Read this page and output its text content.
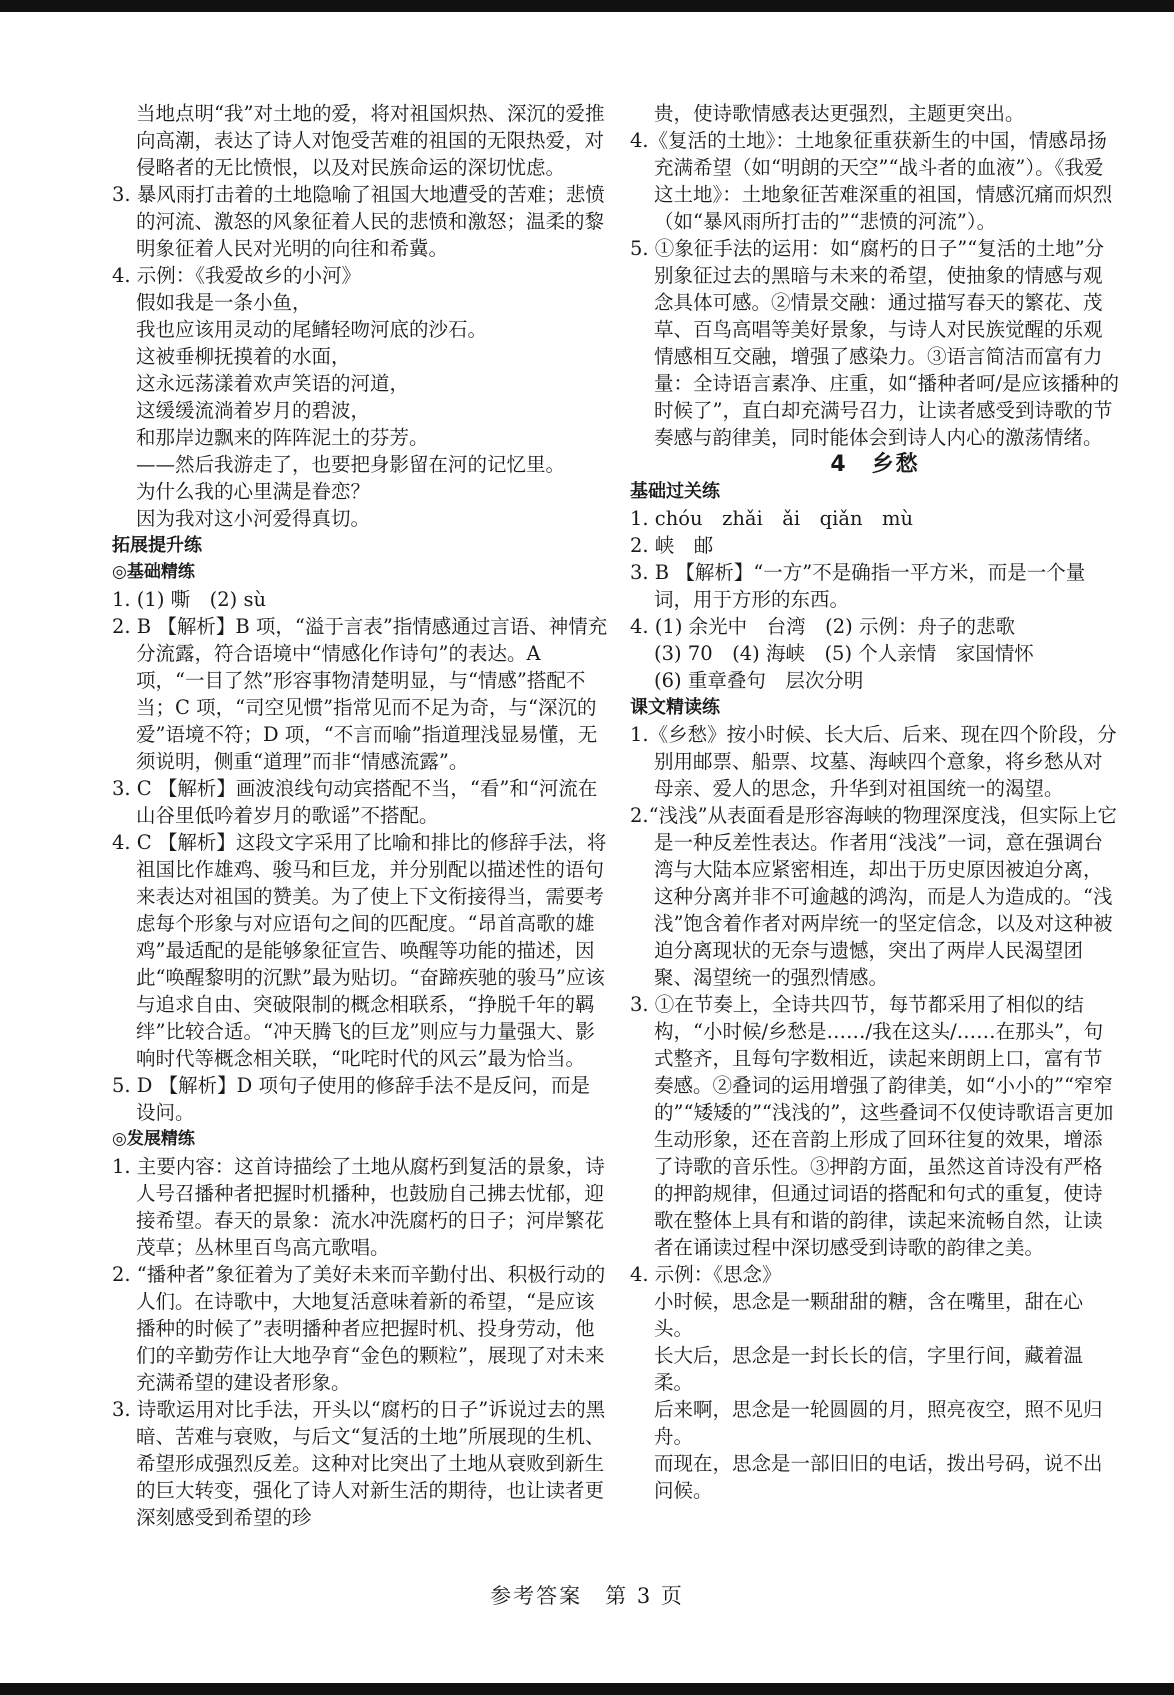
当地点明“我”对土地的爱，将对祖国炽热、深沉的爱推向高潮，表达了诗人对饱受苦难的祖国的无限热爱，对侵略者的无比愤恨，以及对民族命运的深切忧虑。

3. 暴风雨打击着的土地隐喻了祖国大地遭受的苦难；悲愤的河流、激怒的风象征着人民的悲愤和激怒；温柔的黎明象征着人民对光明的向往和希冀。

4. 示例：《我爱故乡的小河》

假如我是一条小鱼，

我也应该用灵动的尾鳍轻吻河底的沙石。

这被垂柳抚摸着的水面，

这永远荡漾着欢声笑语的河道，

这缓缓流淌着岁月的碧波，

和那岸边飘来的阵阵泥土的芬芳。

——然后我游走了，也要把身影留在河的记忆里。

为什么我的心里满是眷恋？

因为我对这小河爱得真切。

拓展提升练

◎基础精练

1. (1) 嘶　(2) sù

2. B 【解析】B 项，“溢于言表”指情感通过言语、神情充分流露，符合语境中“情感化作诗句”的表达。A 项，“一目了然”形容事物清楚明显，与“情感”搭配不当；C 项，“司空见惯”指常见而不足为奇，与“深沉的爱”语境不符；D 项，“不言而喻”指道理浅显易懂，无须说明，侧重“道理”而非“情感流露”。

3. C 【解析】画波浪线句动宾搭配不当，“看”和“河流在山谷里低吟着岁月的歌谣”不搭配。

4. C 【解析】这段文字采用了比喻和排比的修辞手法，将祖国比作雄鸡、骏马和巨龙，并分别配以描述性的语句来表达对祖国的赞美。为了使上下文衔接得当，需要考虑每个形象与对应语句之间的匹配度。“昂首高歌的雄鸡”最适配的是能够象征宣告、唤醒等功能的描述，因此“唤醒黎明的沉默”最为贴切。“奋蹄疾驰的骏马”应该与追求自由、突破限制的概念相联系，“挣脱千年的羁绊”比较合适。“冲天腾飞的巨龙”则应与力量强大、影响时代等概念相关联，“叱咤时代的风云”最为恰当。

5. D 【解析】D 项句子使用的修辞手法不是反问，而是设问。

◎发展精练

1. 主要内容：这首诗描绘了土地从腐朽到复活的景象，诗人号召播种者把握时机播种，也鼓励自己拂去忧郁，迎接希望。春天的景象：流水冲洗腐朽的日子；河岸繁花茂草；丛林里百鸟高亢歌唱。

2. “播种者”象征着为了美好未来而辛勤付出、积极行动的人们。在诗歌中，大地复活意味着新的希望，“是应该播种的时候了”表明播种者应把握时机、投身劳动，他们的辛勤劳作让大地孕育“金色的颗粒”，展现了对未来充满希望的建设者形象。

3. 诗歌运用对比手法，开头以“腐朽的日子”诉说过去的黑暗、苦难与衰败，与后文“复活的土地”所展现的生机、希望形成强烈反差。这种对比突出了土地从衰败到新生的巨大转变，强化了诗人对新生活的期待，也让读者更深刻感受到希望的珍

贵，使诗歌情感表达更强烈，主题更突出。

4.《复活的土地》：土地象征重获新生的中国，情感昂扬充满希望（如“明朗的天空”“战斗者的血液”）。《我爱这土地》：土地象征苦难深重的祖国，情感沉痛而炽烈（如“暴风雨所打击的”“悲愤的河流”）。

5. ①象征手法的运用：如“腐朽的日子”“复活的土地”分别象征过去的黑暗与未来的希望，使抽象的情感与观念具体可感。②情景交融：通过描写春天的繁花、茂草、百鸟高唱等美好景象，与诗人对民族觉醒的乐观情感相互交融，增强了感染力。③语言简洁而富有力量：全诗语言素净、庄重，如“播种者呵/是应该播种的时候了”，直白却充满号召力，让读者感受到诗歌的节奏感与韵律美，同时能体会到诗人内心的激荡情绪。

4　乡愁

基础过关练

1. chóu　zhǎi　ǎi　qiǎn　mù

2. 峡　邮

3. B 【解析】“一方”不是确指一平方米，而是一个量词，用于方形的东西。

4. (1) 余光中　台湾　(2) 示例：舟子的悲歌

(3) 70　(4) 海峡　(5) 个人亲情　家国情怀

(6) 重章叠句　层次分明

课文精读练

1.《乡愁》按小时候、长大后、后来、现在四个阶段，分别用邮票、船票、坟墓、海峡四个意象，将乡愁从对母亲、爱人的思念，升华到对祖国统一的渴望。

2.“浅浅”从表面看是形容海峡的物理深度浅，但实际上它是一种反差性表达。作者用“浅浅”一词，意在强调台湾与大陆本应紧密相连，却出于历史原因被迫分离，这种分离并非不可逾越的鸿沟，而是人为造成的。“浅浅”饱含着作者对两岸统一的坚定信念，以及对这种被迫分离现状的无奈与遗憾，突出了两岸人民渴望团聚、渴望统一的强烈情感。

3. ①在节奏上，全诗共四节，每节都采用了相似的结构，“小时候/乡愁是……/我在这头/……在那头”，句式整齐，且每句字数相近，读起来朗朗上口，富有节奏感。②叠词的运用增强了韵律美，如“小小的”“窄窄的”“矮矮的”“浅浅的”，这些叠词不仅使诗歌语言更加生动形象，还在音韵上形成了回环往复的效果，增添了诗歌的音乐性。③押韵方面，虽然这首诗没有严格的押韵规律，但通过词语的搭配和句式的重复，使诗歌在整体上具有和谐的韵律，读起来流畅自然，让读者在诵读过程中深切感受到诗歌的韵律之美。

4. 示例：《思念》

小时候，思念是一颗甜甜的糖，含在嘴里，甜在心头。

长大后，思念是一封长长的信，字里行间，藏着温柔。

后来啊，思念是一轮圆圆的月，照亮夜空，照不见归舟。

而现在，思念是一部旧旧的电话，拨出号码，说不出问候。

参考答案　第 3 页
